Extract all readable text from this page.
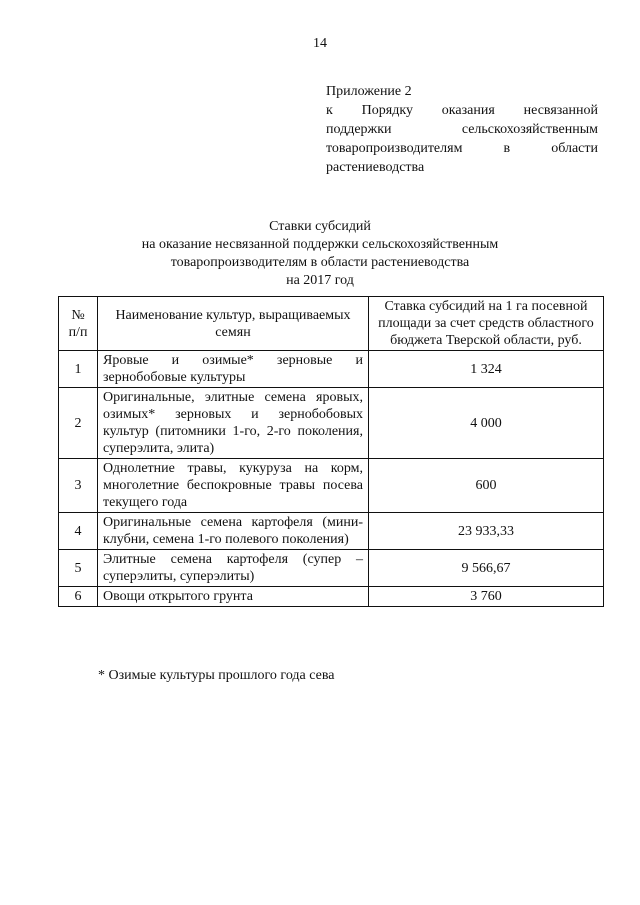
14
Приложение 2
к Порядку оказания несвязанной
поддержки сельскохозяйственным
товаропроизводителям в области
растениеводства
Ставки субсидий
на оказание несвязанной поддержки сельскохозяйственным
товаропроизводителям в области растениеводства
на 2017 год
№ п/п	Наименование культур, выращиваемых семян	Ставка субсидий на 1 га посевной площади за счет средств областного бюджета Тверской области, руб.
1	Яровые и озимые* зерновые и зернобобовые культуры	1 324
2	Оригинальные, элитные семена яровых, озимых* зерновых и зернобобовых культур (питомники 1-го, 2-го поколения, суперэлита, элита)	4 000
3	Однолетние травы, кукуруза на корм, многолетние беспокровные травы посева текущего года	600
4	Оригинальные семена картофеля (мини-клубни, семена 1-го полевого поколения)	23 933,33
5	Элитные семена картофеля (супер – суперэлиты, суперэлиты)	9 566,67
6	Овощи открытого грунта	3 760
* Озимые культуры прошлого года сева
